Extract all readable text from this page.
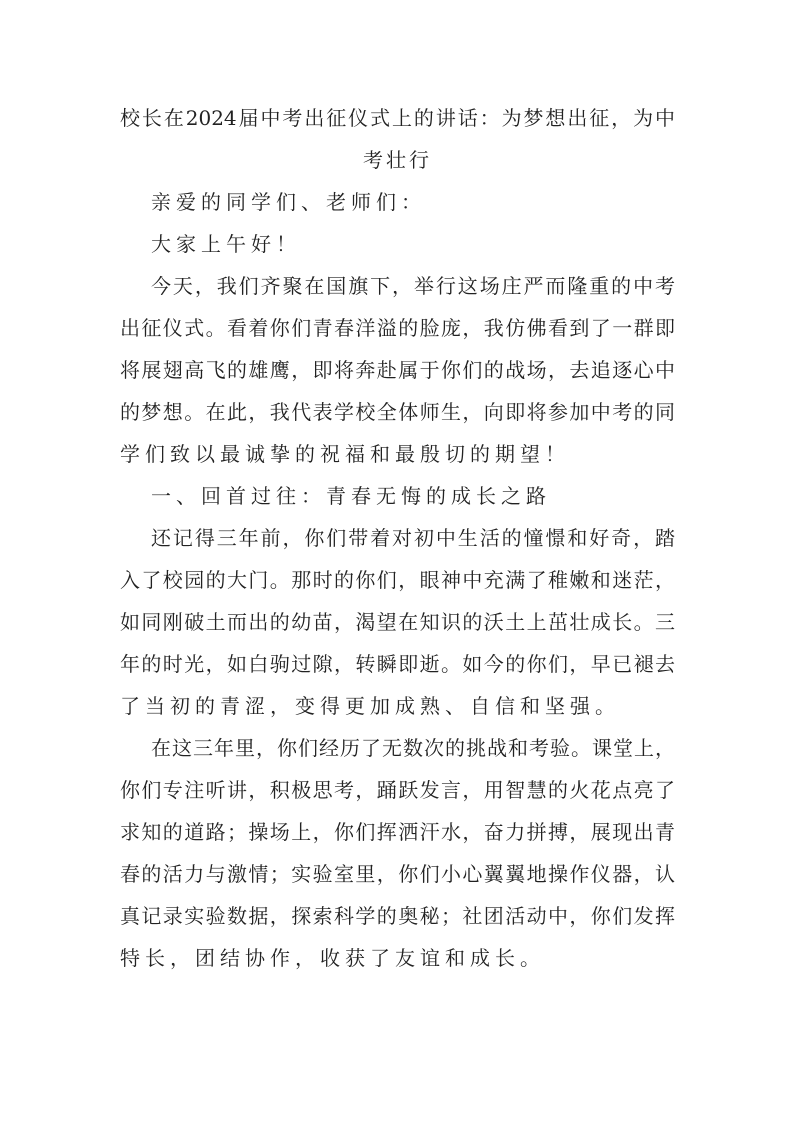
校长在2024届中考出征仪式上的讲话：为梦想出征，为中
考壮行
亲爱的同学们、老师们：
大家上午好！
今天，我们齐聚在国旗下，举行这场庄严而隆重的中考
出征仪式。看着你们青春洋溢的脸庞，我仿佛看到了一群即
将展翅高飞的雄鹰，即将奔赴属于你们的战场，去追逐心中
的梦想。在此，我代表学校全体师生，向即将参加中考的同
学们致以最诚挚的祝福和最殷切的期望！
一、回首过往：青春无悔的成长之路
还记得三年前，你们带着对初中生活的憧憬和好奇，踏
入了校园的大门。那时的你们，眼神中充满了稚嫩和迷茫，
如同刚破土而出的幼苗，渴望在知识的沃土上茁壮成长。三
年的时光，如白驹过隙，转瞬即逝。如今的你们，早已褪去
了当初的青涩，变得更加成熟、自信和坚强。
在这三年里，你们经历了无数次的挑战和考验。课堂上，
你们专注听讲，积极思考，踊跃发言，用智慧的火花点亮了
求知的道路；操场上，你们挥洒汗水，奋力拼搏，展现出青
春的活力与激情；实验室里，你们小心翼翼地操作仪器，认
真记录实验数据，探索科学的奥秘；社团活动中，你们发挥
特长，团结协作，收获了友谊和成长。
